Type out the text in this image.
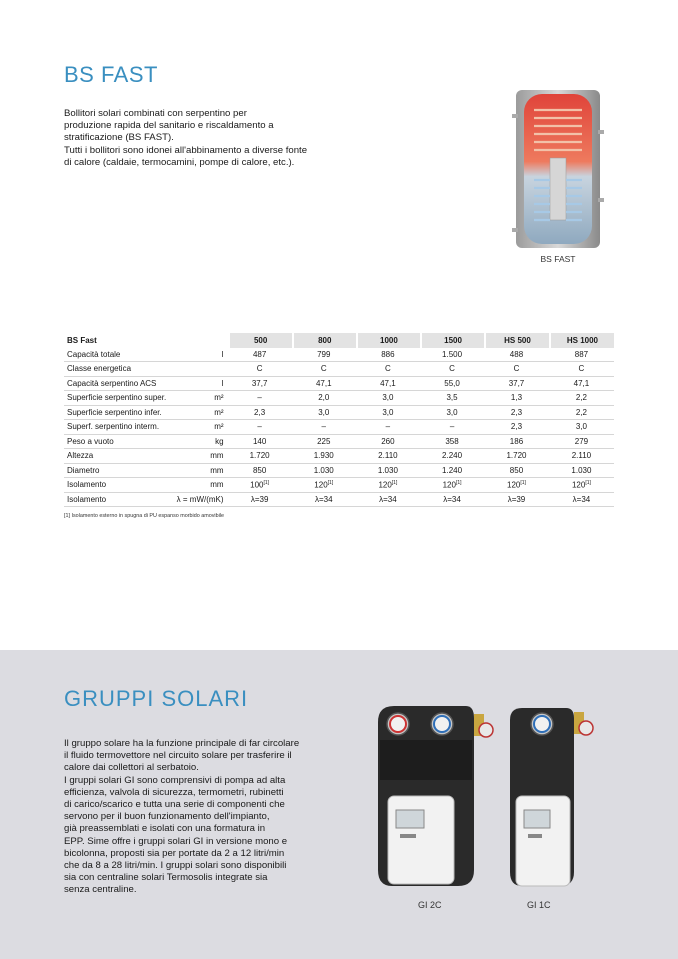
BS FAST
Bollitori solari combinati con serpentino per
produzione rapida del sanitario e riscaldamento a
stratificazione (BS FAST).
Tutti i bollitori sono idonei all'abbinamento a diverse fonte
di calore (caldaie, termocamini, pompe di calore, etc.).
BS FAST
BS Fast		500	800	1000	1500	HS 500	HS 1000
Capacità totale	l	487	799	886	1.500	488	887
Classe energetica		C	C	C	C	C	C
Capacità serpentino ACS	l	37,7	47,1	47,1	55,0	37,7	47,1
Superficie serpentino super.	m²	–	2,0	3,0	3,5	1,3	2,2
Superficie serpentino infer.	m²	2,3	3,0	3,0	3,0	2,3	2,2
Superf. serpentino interm.	m²	–	–	–	–	2,3	3,0
Peso a vuoto	kg	140	225	260	358	186	279
Altezza	mm	1.720	1.930	2.110	2.240	1.720	2.110
Diametro	mm	850	1.030	1.030	1.240	850	1.030
Isolamento	mm	100[1]	120[1]	120[1]	120[1]	120[1]	120[1]
Isolamento	λ = mW/(mK)	λ=39	λ=34	λ=34	λ=34	λ=39	λ=34
[1] Isolamento esterno in spugna di PU espanso morbido amovibile
GRUPPI SOLARI
Il gruppo solare ha la funzione principale di far circolare
il fluido termovettore nel circuito solare per trasferire il
calore dai collettori al serbatoio.
I gruppi solari GI sono comprensivi di pompa ad alta
efficienza, valvola di sicurezza, termometri, rubinetti
di carico/scarico e tutta una serie di componenti che
servono per il buon funzionamento dell'impianto,
già preassemblati e isolati con una formatura in
EPP. Sime offre i gruppi solari GI in versione mono e
bicolonna, proposti sia per portate da 2 a 12 litri/min
che da 8 a 28 litri/min. I gruppi solari sono disponibili
sia con centraline solari Termosolis integrate sia
senza centraline.
GI 2C	GI 1C
